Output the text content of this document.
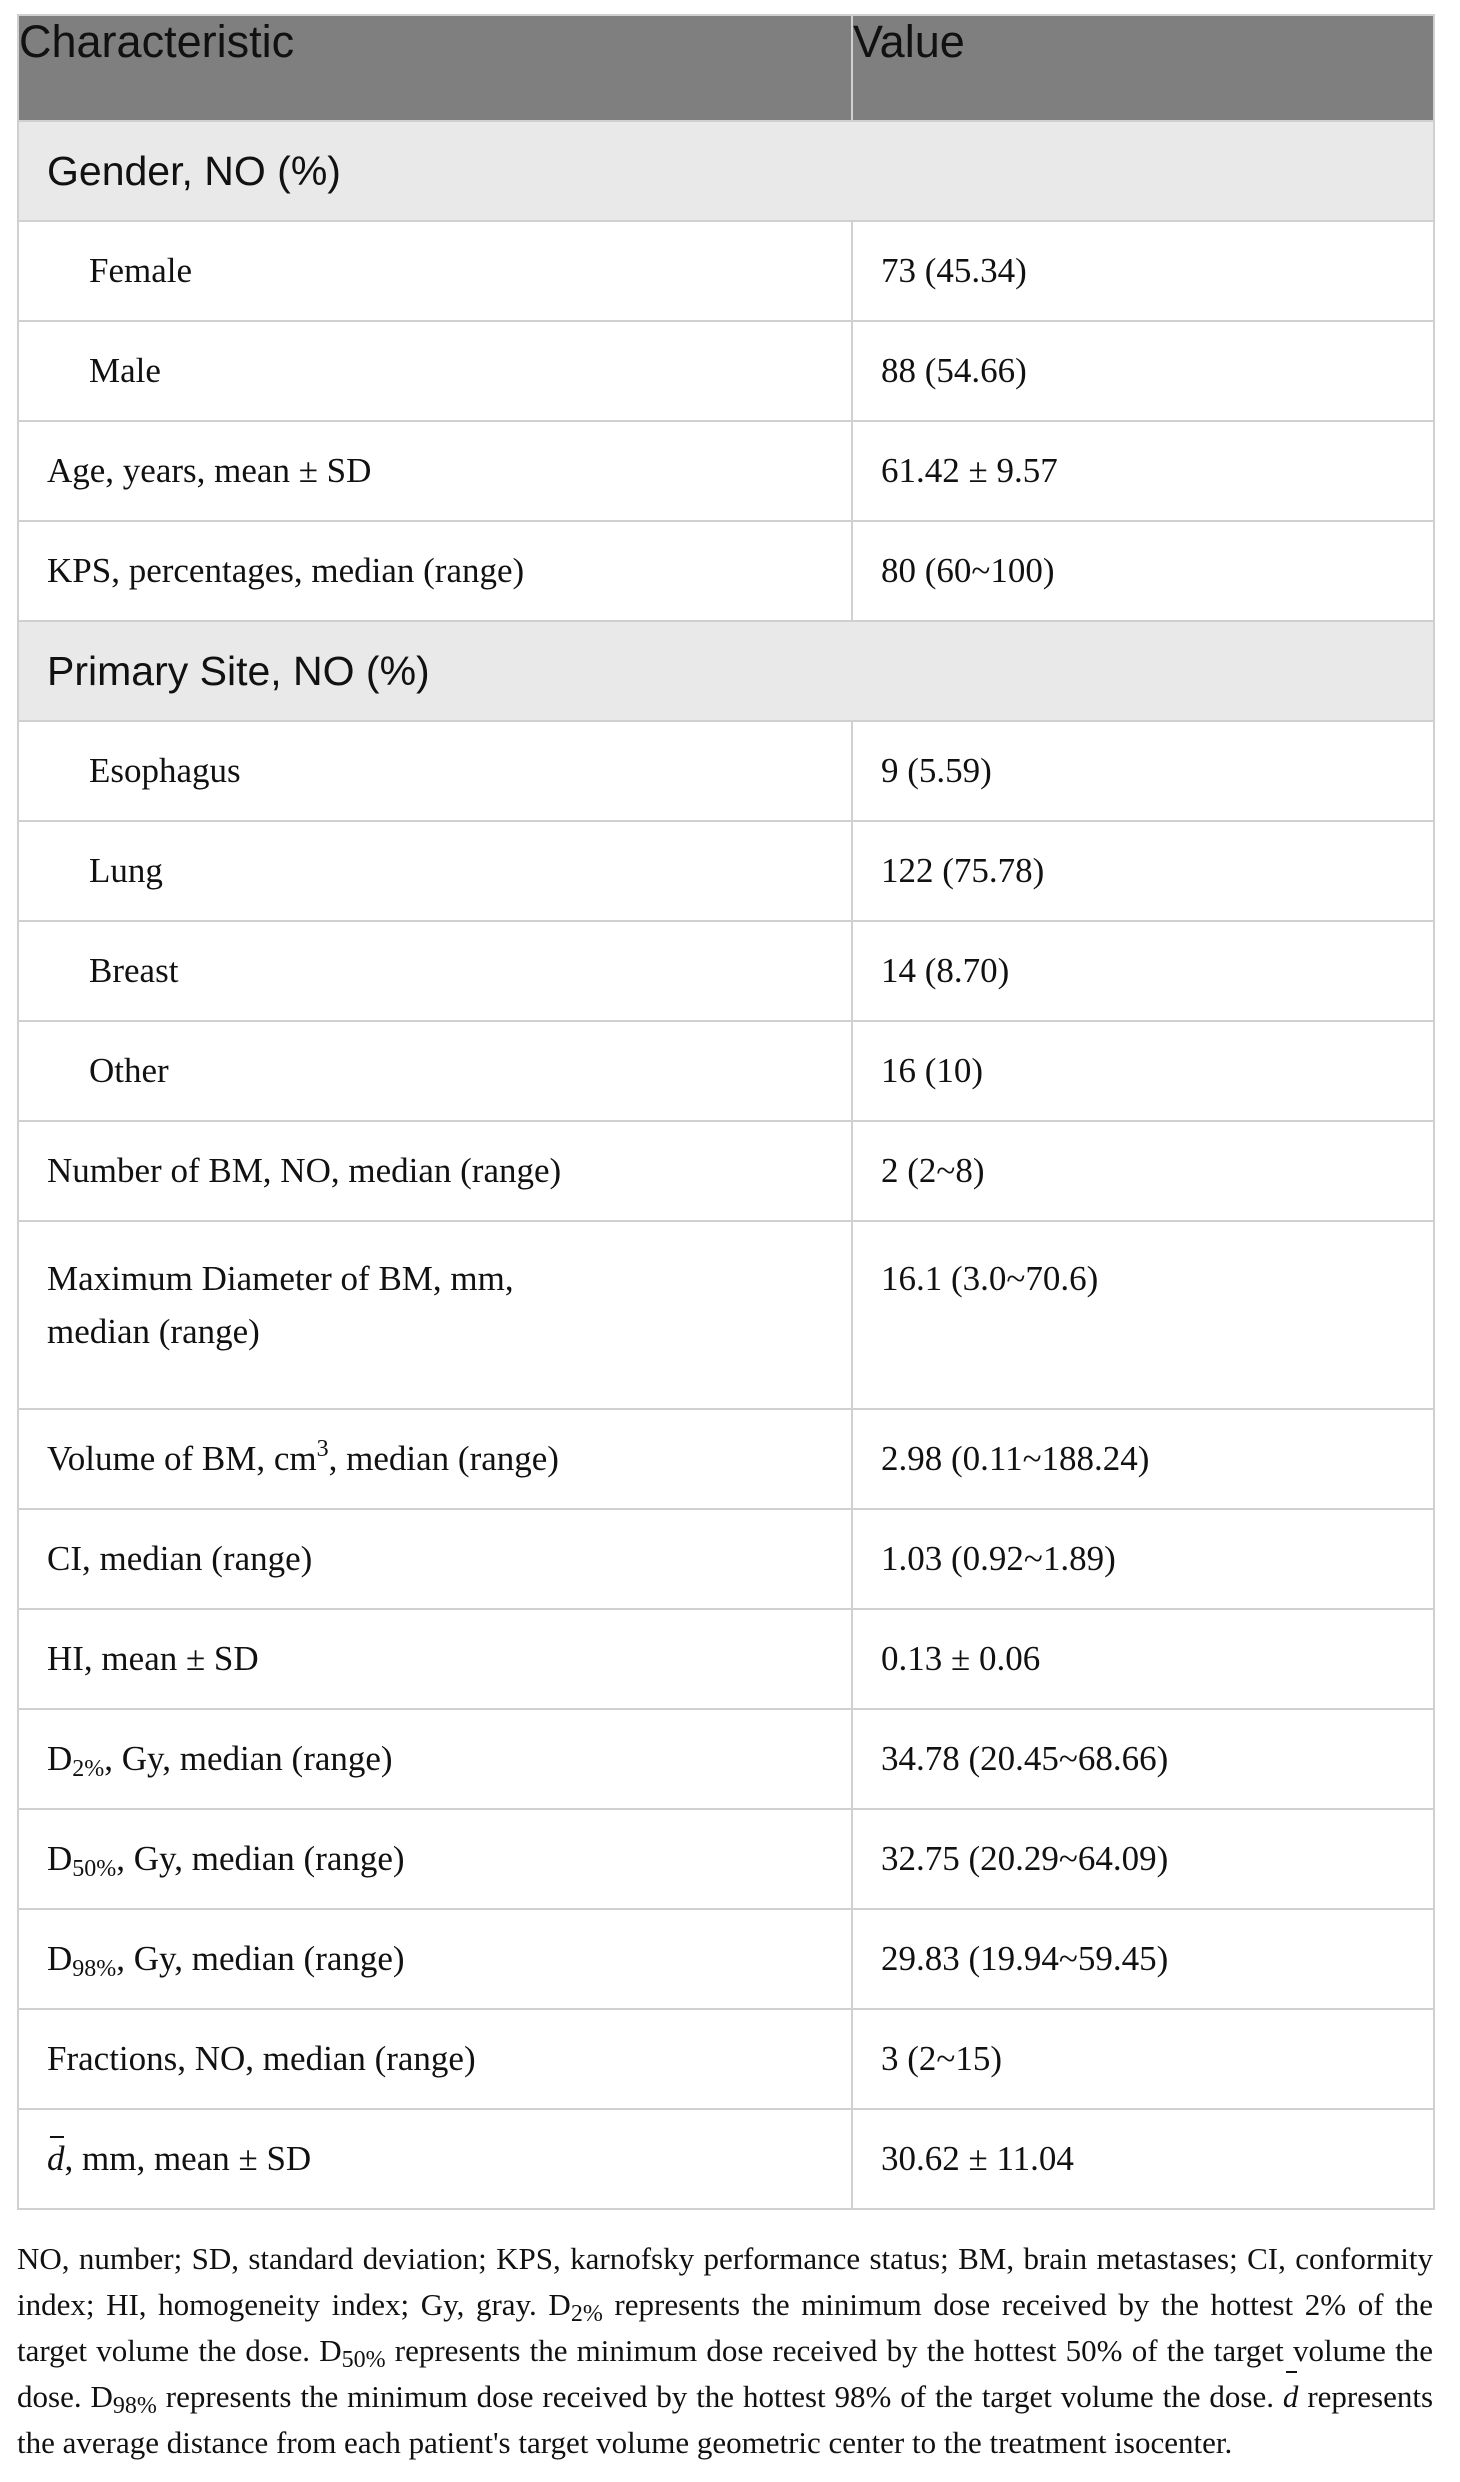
Characteristic	Value
Gender, NO (%)	
Female	73 (45.34)
Male	88 (54.66)
Age, years, mean ± SD	61.42 ± 9.57
KPS, percentages, median (range)	80 (60~100)
Primary Site, NO (%)	
Esophagus	9 (5.59)
Lung	122 (75.78)
Breast	14 (8.70)
Other	16 (10)
Number of BM, NO, median (range)	2 (2~8)
Maximum Diameter of BM, mm,
median (range)	16.1 (3.0~70.6)
Volume of BM, $cm^3$, median (range)	2.98 (0.11~188.24)
CI, median (range)	1.03 (0.92~1.89)
HI, mean ± SD	0.13 ± 0.06
$D_{2\%}$, Gy, median (range)	34.78 (20.45~68.66)
$D_{50\%}$, Gy, median (range)	32.75 (20.29~64.09)
$D_{98\%}$, Gy, median (range)	29.83 (19.94~59.45)
Fractions, NO, median (range)	3 (2~15)
d, mm, mean ± SD	30.62 ± 11.04
NO, number; SD, standard deviation; KPS, karnofsky performance status; BM, brain metastases; CI, conformity index; HI, homogeneity index; Gy, gray. $D_{2\%}$ represents the minimum dose received by the hottest 2% of the target volume the dose. $D_{50\%}$ represents the minimum dose received by the hottest 50% of the target volume the dose. $D_{98\%}$ represents the minimum dose received by the hottest 98% of the target volume the dose. d represents the average distance from each patient's target volume geometric center to the treatment isocenter.
